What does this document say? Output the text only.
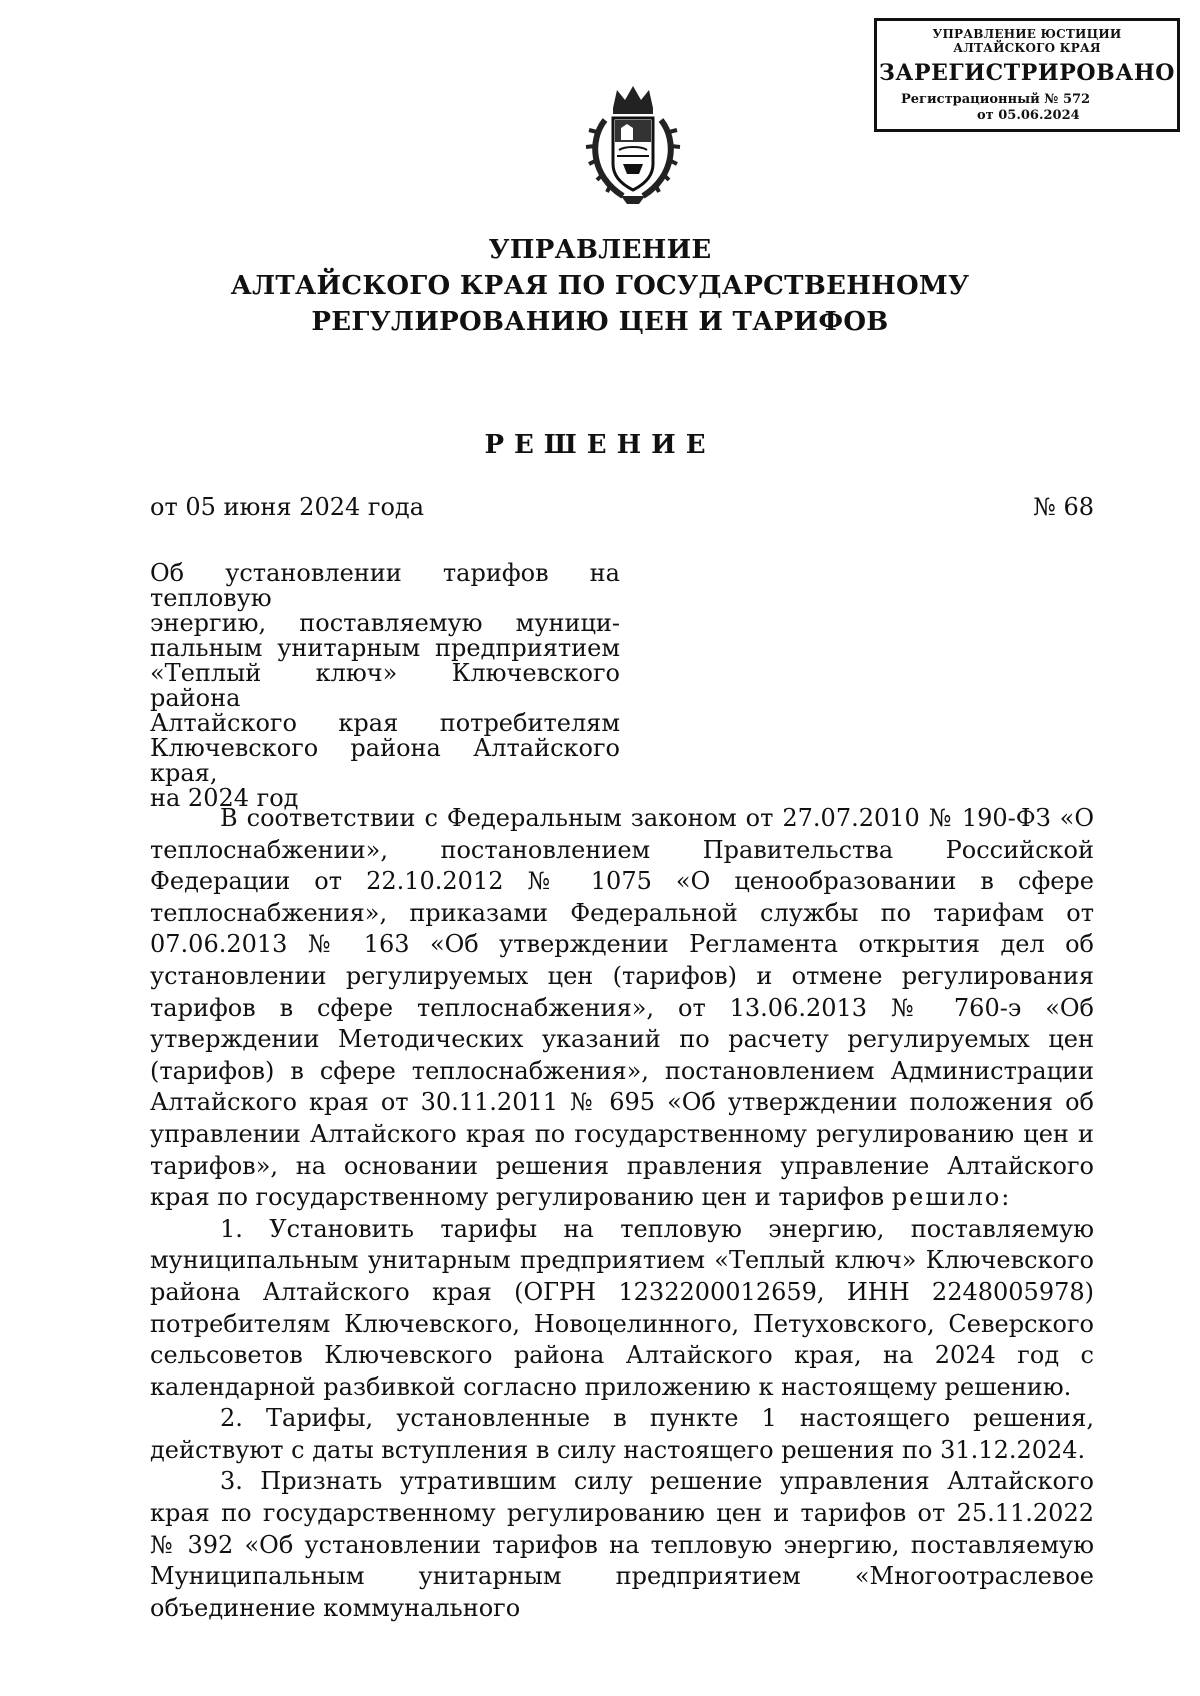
УПРАВЛЕНИЕ ЮСТИЦИИ
АЛТАЙСКОГО КРАЯ
ЗАРЕГИСТРИРОВАНО
Регистрационный № 572
от 05.06.2024
УПРАВЛЕНИЕ
АЛТАЙСКОГО КРАЯ ПО ГОСУДАРСТВЕННОМУ
РЕГУЛИРОВАНИЮ ЦЕН И ТАРИФОВ
РЕШЕНИЕ
от 05 июня 2024 года	№ 68
Об установлении тарифов на тепловую
энергию, поставляемую муници-
пальным унитарным предприятием
«Теплый ключ» Ключевского района
Алтайского края потребителям
Ключевского района Алтайского края,
на 2024 год

В соответствии с Федеральным законом от 27.07.2010 № 190-ФЗ «О теплоснабжении», постановлением Правительства Российской Федерации от 22.10.2012 № 1075 «О ценообразовании в сфере теплоснабжения», приказами Федеральной службы по тарифам от 07.06.2013 № 163 «Об утверждении Регламента открытия дел об установлении регулируемых цен (тарифов) и отмене регулирования тарифов в сфере теплоснабжения», от 13.06.2013 № 760-э «Об утверждении Методических указаний по расчету регулируемых цен (тарифов) в сфере теплоснабжения», постановлением Администрации Алтайского края от 30.11.2011 № 695 «Об утверждении положения об управлении Алтайского края по государственному регулированию цен и тарифов», на основании решения правления управление Алтайского края по государственному регулированию цен и тарифов решило:

1. Установить тарифы на тепловую энергию, поставляемую муниципальным унитарным предприятием «Теплый ключ» Ключевского района Алтайского края (ОГРН 1232200012659, ИНН 2248005978) потребителям Ключевского, Новоцелинного, Петуховского, Северского сельсоветов Ключевского района Алтайского края, на 2024 год с календарной разбивкой согласно приложению к настоящему решению.

2. Тарифы, установленные в пункте 1 настоящего решения, действуют с даты вступления в силу настоящего решения по 31.12.2024.

3. Признать утратившим силу решение управления Алтайского края по государственному регулированию цен и тарифов от 25.11.2022 № 392 «Об установлении тарифов на тепловую энергию, поставляемую Муниципальным унитарным предприятием «Многоотраслевое объединение коммунального
